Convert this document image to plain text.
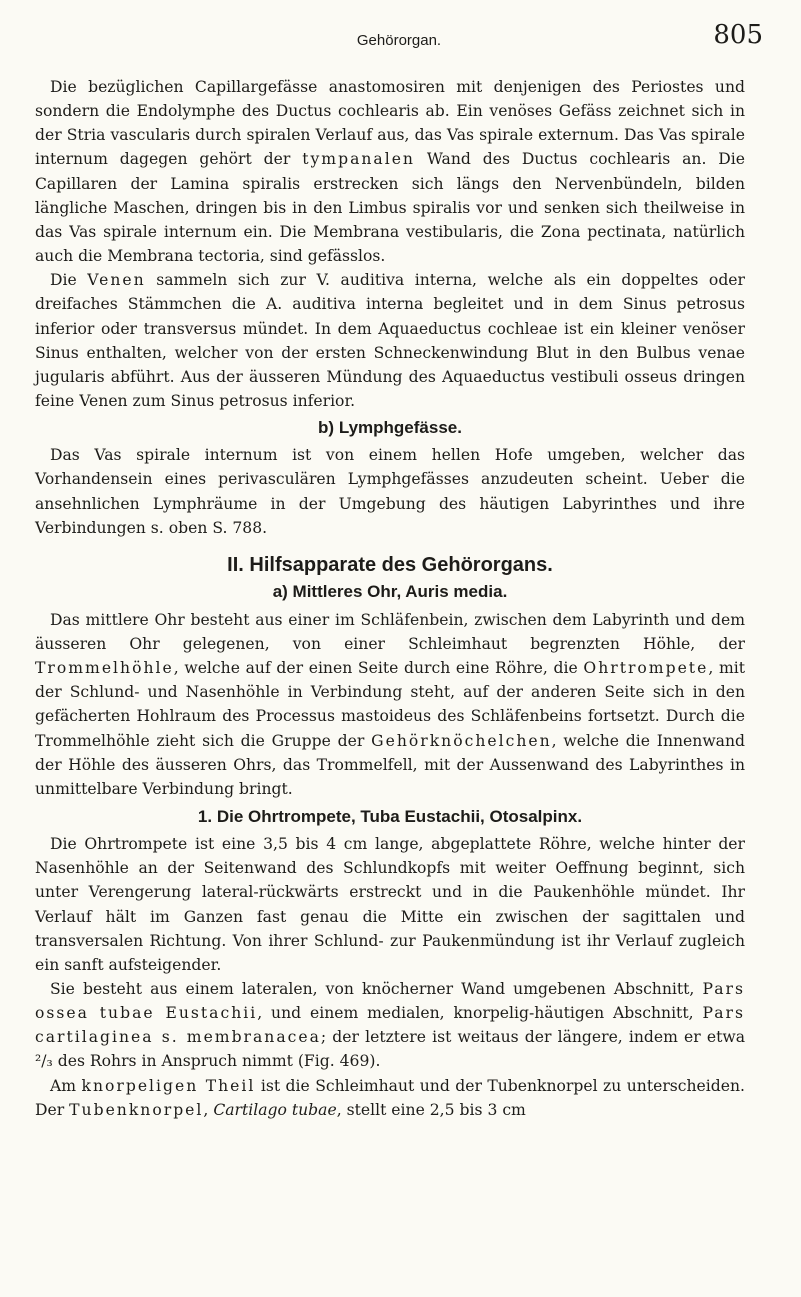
Gehörorgan.	805

Die bezüglichen Capillargefässe anastomosiren mit denjenigen des Periostes und sondern die Endolymphe des Ductus cochlearis ab. Ein venöses Gefäss zeichnet sich in der Stria vascularis durch spiralen Verlauf aus, das Vas spirale externum. Das Vas spirale internum dagegen gehört der tympanalen Wand des Ductus cochlearis an. Die Capillaren der Lamina spiralis erstrecken sich längs den Nervenbündeln, bilden längliche Maschen, dringen bis in den Limbus spiralis vor und senken sich theilweise in das Vas spirale internum ein. Die Membrana vestibularis, die Zona pectinata, natürlich auch die Membrana tectoria, sind gefässlos.

Die Venen sammeln sich zur V. auditiva interna, welche als ein doppeltes oder dreifaches Stämmchen die A. auditiva interna begleitet und in dem Sinus petrosus inferior oder transversus mündet. In dem Aquaeductus cochleae ist ein kleiner venöser Sinus enthalten, welcher von der ersten Schneckenwindung Blut in den Bulbus venae jugularis abführt. Aus der äusseren Mündung des Aquaeductus vestibuli osseus dringen feine Venen zum Sinus petrosus inferior.

b) Lymphgefässe.

Das Vas spirale internum ist von einem hellen Hofe umgeben, welcher das Vorhandensein eines perivasculären Lymphgefässes anzudeuten scheint. Ueber die ansehnlichen Lymphräume in der Umgebung des häutigen Labyrinthes und ihre Verbindungen s. oben S. 788.

II. Hilfsapparate des Gehörorgans.
a) Mittleres Ohr, Auris media.

Das mittlere Ohr besteht aus einer im Schläfenbein, zwischen dem Labyrinth und dem äusseren Ohr gelegenen, von einer Schleimhaut begrenzten Höhle, der Trommelhöhle, welche auf der einen Seite durch eine Röhre, die Ohrtrompete, mit der Schlund- und Nasenhöhle in Verbindung steht, auf der anderen Seite sich in den gefächerten Hohlraum des Processus mastoideus des Schläfenbeins fortsetzt. Durch die Trommelhöhle zieht sich die Gruppe der Gehörknöchelchen, welche die Innenwand der Höhle des äusseren Ohrs, das Trommelfell, mit der Aussenwand des Labyrinthes in unmittelbare Verbindung bringt.

1. Die Ohrtrompete, Tuba Eustachii, Otosalpinx.

Die Ohrtrompete ist eine 3,5 bis 4 cm lange, abgeplattete Röhre, welche hinter der Nasenhöhle an der Seitenwand des Schlundkopfs mit weiter Oeffnung beginnt, sich unter Verengerung lateral-rückwärts erstreckt und in die Paukenhöhle mündet. Ihr Verlauf hält im Ganzen fast genau die Mitte ein zwischen der sagittalen und transversalen Richtung. Von ihrer Schlund- zur Paukenmündung ist ihr Verlauf zugleich ein sanft aufsteigender.

Sie besteht aus einem lateralen, von knöcherner Wand umgebenen Abschnitt, Pars ossea tubae Eustachii, und einem medialen, knorpelig-häutigen Abschnitt, Pars cartilaginea s. membranacea; der letztere ist weitaus der längere, indem er etwa ²/₃ des Rohrs in Anspruch nimmt (Fig. 469).

Am knorpeligen Theil ist die Schleimhaut und der Tubenknorpel zu unterscheiden. Der Tubenknorpel, Cartilago tubae, stellt eine 2,5 bis 3 cm
